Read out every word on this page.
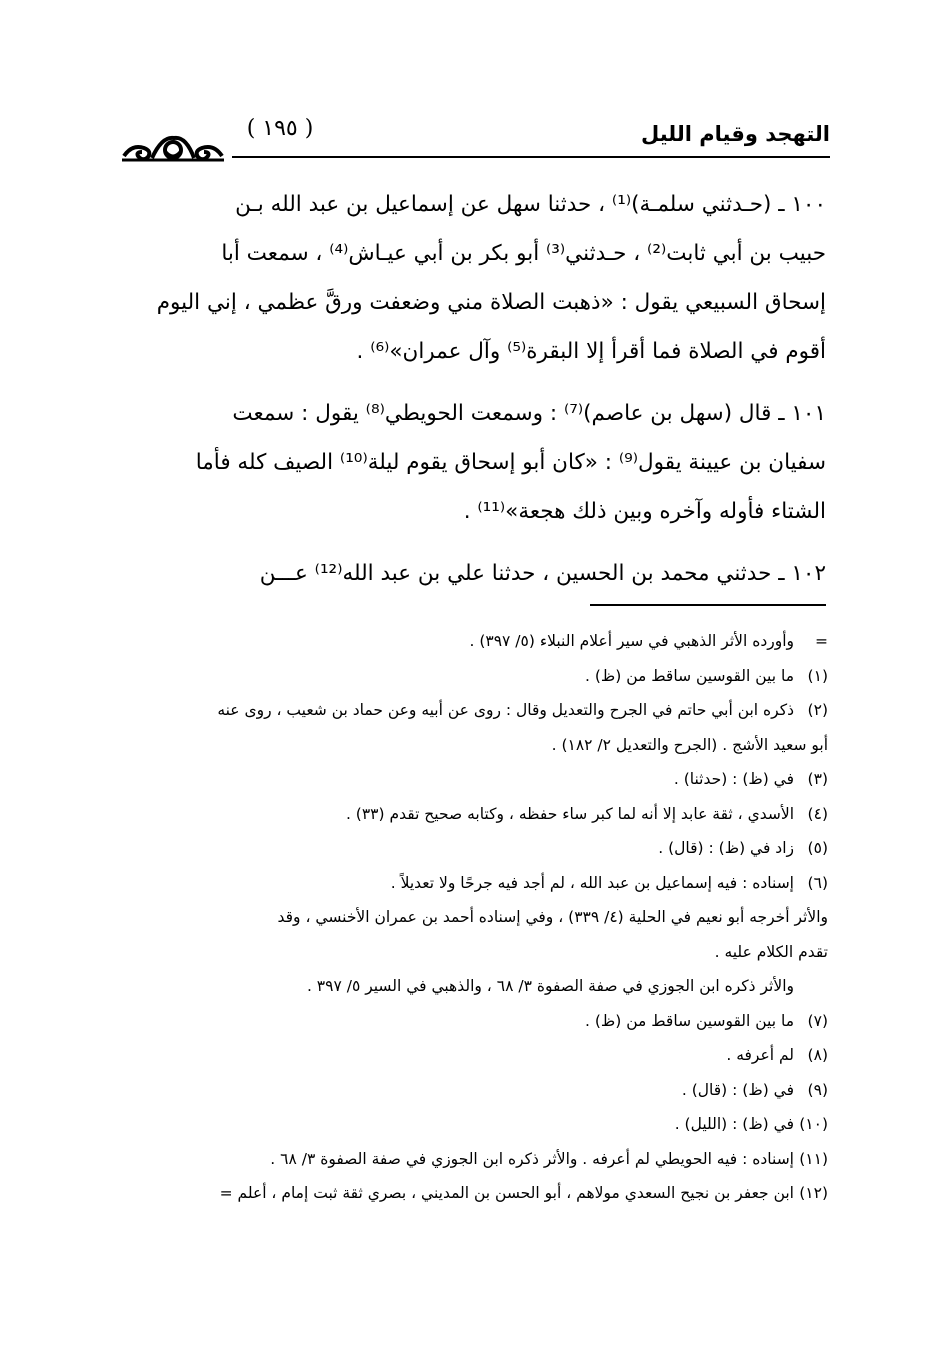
التهجد وقيام الليل
( ١٩٥ )
١٠٠ ـ (حـدثني سلمـة)⁽¹⁾ ، حدثنا سهل عن إسماعيل بن عبد الله بـن
حبيب بن أبي ثابت⁽²⁾ ، حـدثني⁽³⁾ أبو بكر بن أبي عيـاش⁽⁴⁾ ، سمعت أبا
إسحاق السبيعي يقول : «ذهبت الصلاة مني وضعفت ورقَّ عظمي ، إني اليوم
أقوم في الصلاة فما أقرأ إلا البقرة⁽⁵⁾ وآل عمران»⁽⁶⁾ .
١٠١ ـ قال (سهل بن عاصم)⁽⁷⁾ : وسمعت الحويطي⁽⁸⁾ يقول : سمعت
سفيان بن عيينة يقول⁽⁹⁾ : «كان أبو إسحاق يقوم ليلة⁽¹⁰⁾ الصيف كله فأما
الشتاء فأوله وآخره وبين ذلك هجعة»⁽¹¹⁾ .
١٠٢ ـ حدثني محمد بن الحسين ، حدثنا علي بن عبد الله⁽¹²⁾ عـــن
=
وأورده الأثر الذهبي في سير أعلام النبلاء (٥/ ٣٩٧) .
(١)
ما بين القوسين ساقط من (ظ) .
(٢)
ذكره ابن أبي حاتم في الجرح والتعديل وقال : روى عن أبيه وعن حماد بن شعيب ، روى عنه
أبو سعيد الأشج . (الجرح والتعديل ٢/ ١٨٢) .
(٣)
في (ظ) : (حدثنا) .
(٤)
الأسدي ، ثقة عابد إلا أنه لما كبر ساء حفظه ، وكتابه صحيح تقدم (٣٣) .
(٥)
زاد في (ظ) : (قال) .
(٦)
إسناده : فيه إسماعيل بن عبد الله ، لم أجد فيه جرحًا ولا تعديلاً .
والأثر أخرجه أبو نعيم في الحلية (٤/ ٣٣٩) ، وفي إسناده أحمد بن عمران الأخنسي ، وقد
تقدم الكلام عليه .
والأثر ذكره ابن الجوزي في صفة الصفوة ٣/ ٦٨ ، والذهبي في السير ٥/ ٣٩٧ .
(٧)
ما بين القوسين ساقط من (ظ) .
(٨)
لم أعرفه .
(٩)
في (ظ) : (قال) .
(١٠)
في (ظ) : (الليل) .
(١١)
إسناده : فيه الحويطي لم أعرفه . والأثر ذكره ابن الجوزي في صفة الصفوة ٣/ ٦٨ .
(١٢)
ابن جعفر بن نجيح السعدي مولاهم ، أبو الحسن بن المديني ، بصري ثقة ثبت إمام ، أعلم =
